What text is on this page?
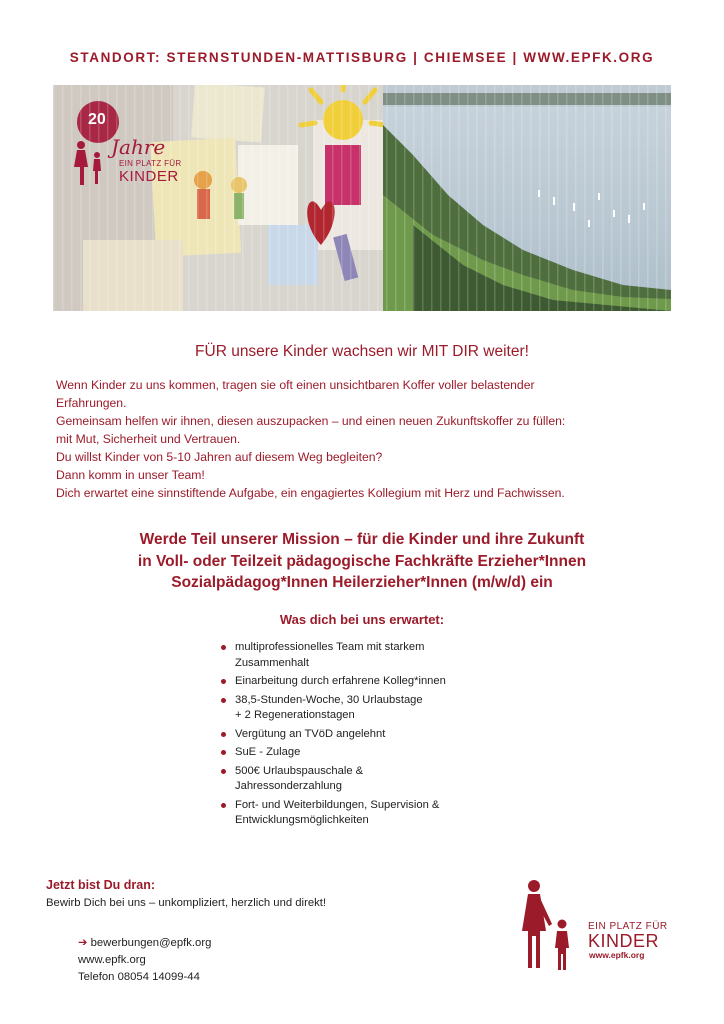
STANDORT: STERNSTUNDEN-MATTISBURG | CHIEMSEE | WWW.EPFK.ORG
20
Jahre
EIN PLATZ FÜR
KINDER
FÜR unsere Kinder wachsen wir MIT DIR weiter!
Wenn Kinder zu uns kommen, tragen sie oft einen unsichtbaren Koffer voller belastender
Erfahrungen.
Gemeinsam helfen wir ihnen, diesen auszupacken – und einen neuen Zukunftskoffer zu füllen:
mit Mut, Sicherheit und Vertrauen.
Du willst Kinder von 5-10 Jahren auf diesem Weg begleiten?
Dann komm in unser Team!
Dich erwartet eine sinnstiftende Aufgabe, ein engagiertes Kollegium mit Herz und Fachwissen.
Werde Teil unserer Mission – für die Kinder und ihre Zukunft
in Voll- oder Teilzeit pädagogische Fachkräfte Erzieher*Innen
Sozialpädagog*Innen Heilerzieher*Innen (m/w/d) ein
Was dich bei uns erwartet:
multiprofessionelles Team mit starkem
Zusammenhalt
Einarbeitung durch erfahrene Kolleg*innen
38,5-Stunden-Woche, 30 Urlaubstage
+ 2 Regenerationstagen
Vergütung an TVöD angelehnt
SuE - Zulage
500€ Urlaubspauschale &
Jahressonderzahlung
Fort- und Weiterbildungen, Supervision &
Entwicklungsmöglichkeiten
Jetzt bist Du dran:
Bewirb Dich bei uns – unkompliziert, herzlich und direkt!
➔ bewerbungen@epfk.org
www.epfk.org
Telefon 08054 14099-44
EIN PLATZ FÜR
KINDER
www.epfk.org
